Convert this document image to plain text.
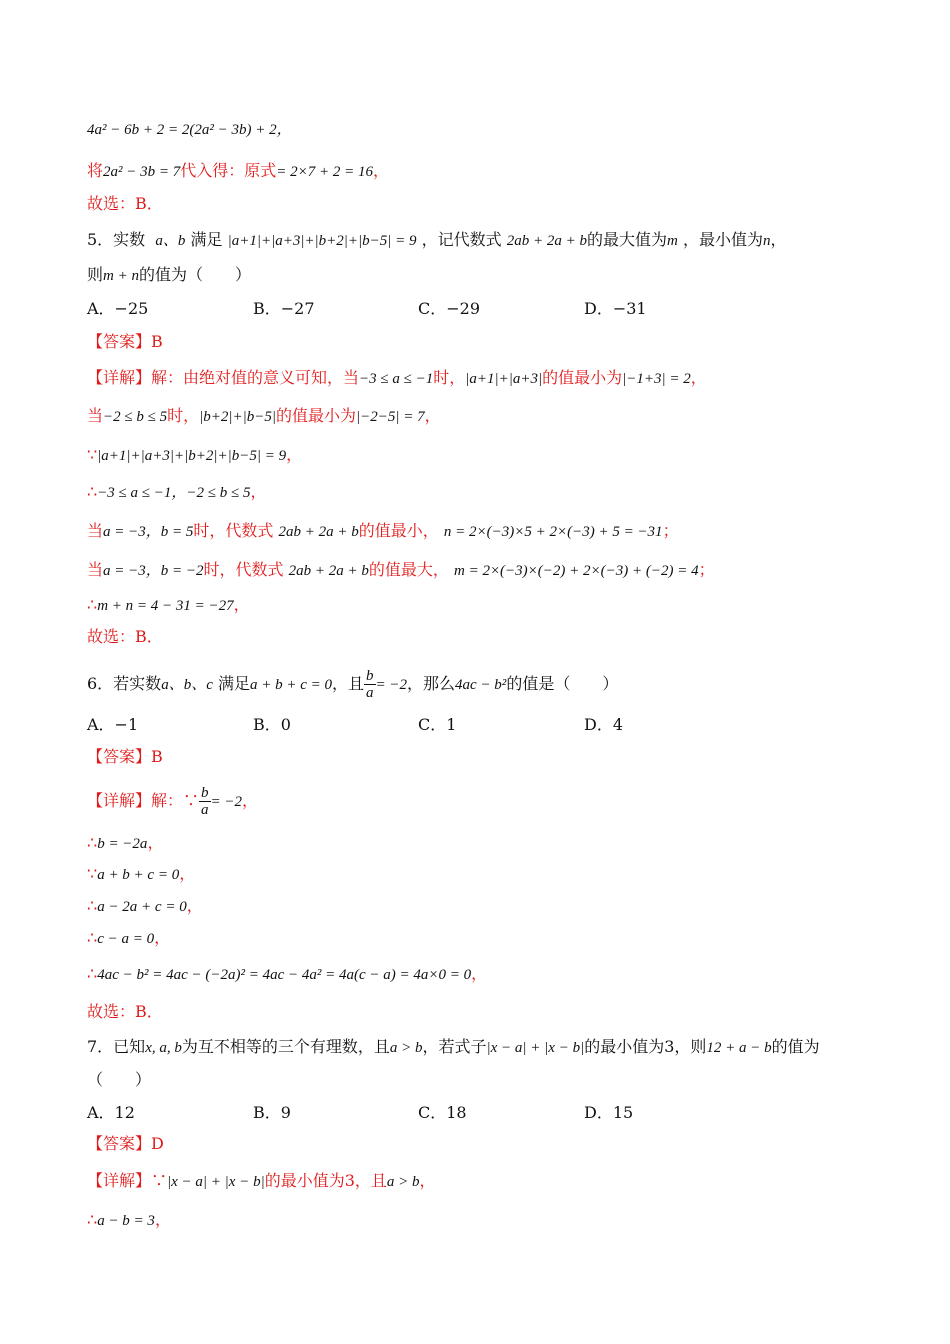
4a² − 6b + 2 = 2(2a² − 3b) + 2，
将2a² − 3b = 7代入得：原式= 2×7 + 2 = 16，
故选：B．
5．实数 a、b 满足 |a+1|+|a+3|+|b+2|+|b−5| = 9 ，记代数式 2ab + 2a + b的最大值为m ，最小值为n，
则m + n的值为（　　）
A．−25	B．−27	C．−29	D．−31
【答案】B
【详解】解：由绝对值的意义可知，当−3 ≤ a ≤ −1时，|a+1|+|a+3|的值最小为|−1+3| = 2，
当−2 ≤ b ≤ 5时，|b+2|+|b−5|的值最小为|−2−5| = 7，
∵|a+1|+|a+3|+|b+2|+|b−5| = 9，
∴−3 ≤ a ≤ −1，−2 ≤ b ≤ 5，
当a = −3，b = 5时，代数式 2ab + 2a + b的值最小， n = 2×(−3)×5 + 2×(−3) + 5 = −31；
当a = −3，b = −2时，代数式 2ab + 2a + b的值最大， m = 2×(−3)×(−2) + 2×(−3) + (−2) = 4；
∴m + n = 4 − 31 = −27，
故选：B．
6．若实数a、b、c 满足a + b + c = 0，且 $\frac{b}{a} = -2$，那么4ac − b²的值是（　　）
A．−1	B．0	C．1	D．4
【答案】B
【详解】解：∵ $\frac{b}{a} = -2$，
∴b = −2a，
∵a + b + c = 0，
∴a − 2a + c = 0，
∴c − a = 0，
∴4ac − b² = 4ac − (−2a)² = 4ac − 4a² = 4a(c − a) = 4a×0 = 0，
故选：B．
7．已知x, a, b为互不相等的三个有理数，且a > b，若式子|x − a| + |x − b|的最小值为3，则12 + a − b的值为
（　　）
A．12	B．9	C．18	D．15
【答案】D
【详解】∵|x − a| + |x − b|的最小值为3，且a > b，
∴a − b = 3，
